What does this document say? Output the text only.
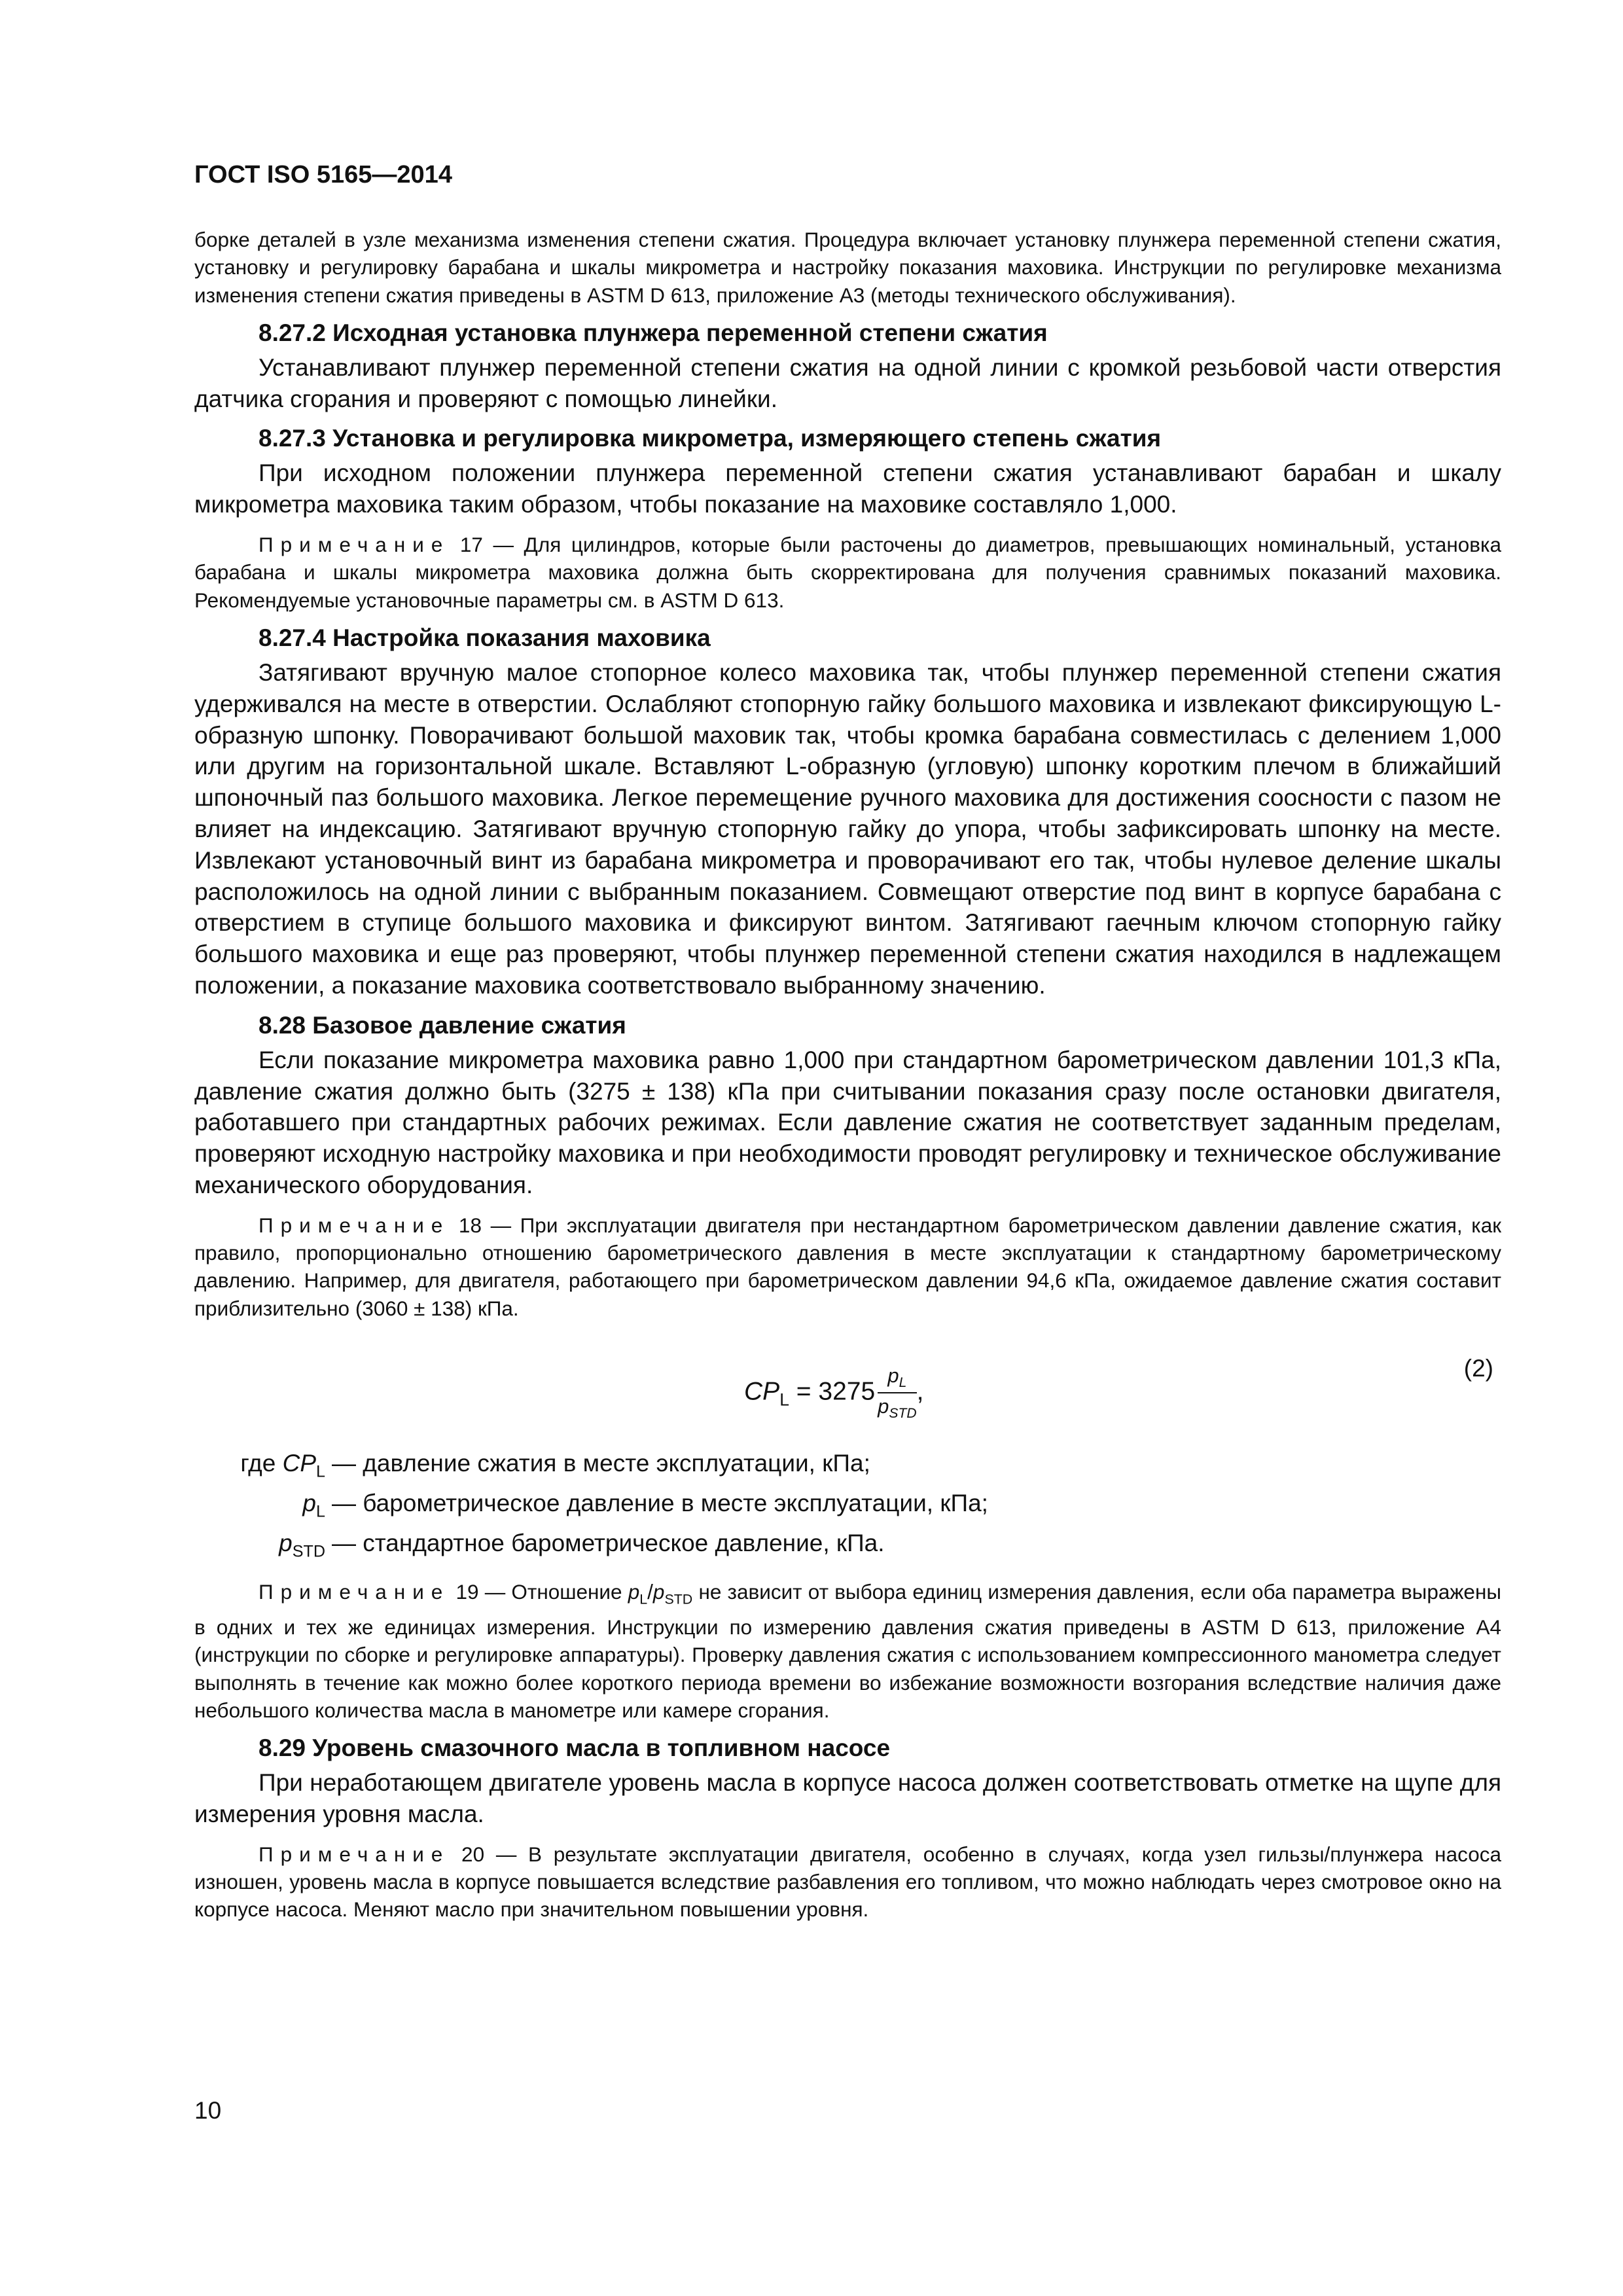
ГОСТ ISO 5165—2014

борке деталей в узле механизма изменения степени сжатия. Процедура включает установку плунжера переменной степени сжатия, установку и регулировку барабана и шкалы микрометра и настройку показания маховика. Инструкции по регулировке механизма изменения степени сжатия приведены в ASTM D 613, приложение А3 (методы технического обслуживания).

8.27.2 Исходная установка плунжера переменной степени сжатия

Устанавливают плунжер переменной степени сжатия на одной линии с кромкой резьбовой части отверстия датчика сгорания и проверяют с помощью линейки.

8.27.3 Установка и регулировка микрометра, измеряющего степень сжатия

При исходном положении плунжера переменной степени сжатия устанавливают барабан и шкалу микрометра маховика таким образом, чтобы показание на маховике составляло 1,000.

Примечание 17 — Для цилиндров, которые были расточены до диаметров, превышающих номинальный, установка барабана и шкалы микрометра маховика должна быть скорректирована для получения сравнимых показаний маховика. Рекомендуемые установочные параметры см. в ASTM D 613.

8.27.4 Настройка показания маховика

Затягивают вручную малое стопорное колесо маховика так, чтобы плунжер переменной степени сжатия удерживался на месте в отверстии. Ослабляют стопорную гайку большого маховика и извлекают фиксирующую L-образную шпонку. Поворачивают большой маховик так, чтобы кромка барабана совместилась с делением 1,000 или другим на горизонтальной шкале. Вставляют L-образную (угловую) шпонку коротким плечом в ближайший шпоночный паз большого маховика. Легкое перемещение ручного маховика для достижения соосности с пазом не влияет на индексацию. Затягивают вручную стопорную гайку до упора, чтобы зафиксировать шпонку на месте. Извлекают установочный винт из барабана микрометра и проворачивают его так, чтобы нулевое деление шкалы расположилось на одной линии с выбранным показанием. Совмещают отверстие под винт в корпусе барабана с отверстием в ступице большого маховика и фиксируют винтом. Затягивают гаечным ключом стопорную гайку большого маховика и еще раз проверяют, чтобы плунжер переменной степени сжатия находился в надлежащем положении, а показание маховика соответствовало выбранному значению.

8.28 Базовое давление сжатия

Если показание микрометра маховика равно 1,000 при стандартном барометрическом давлении 101,3 кПа, давление сжатия должно быть (3275 ± 138) кПа при считывании показания сразу после остановки двигателя, работавшего при стандартных рабочих режимах. Если давление сжатия не соответствует заданным пределам, проверяют исходную настройку маховика и при необходимости проводят регулировку и техническое обслуживание механического оборудования.

Примечание 18 — При эксплуатации двигателя при нестандартном барометрическом давлении давление сжатия, как правило, пропорционально отношению барометрического давления в месте эксплуатации к стандартному барометрическому давлению. Например, для двигателя, работающего при барометрическом давлении 94,6 кПа, ожидаемое давление сжатия составит приблизительно (3060 ± 138) кПа.

$CP_L = 3275 \frac{p_L}{p_{STD}}$ ,
(2)
где $CP_L$ — давление сжатия в месте эксплуатации, кПа;
$p_L$ — барометрическое давление в месте эксплуатации, кПа;
$p_{STD}$ — стандартное барометрическое давление, кПа.

Примечание 19 — Отношение $p_L/p_{STD}$ не зависит от выбора единиц измерения давления, если оба параметра выражены в одних и тех же единицах измерения. Инструкции по измерению давления сжатия приведены в ASTM D 613, приложение А4 (инструкции по сборке и регулировке аппаратуры). Проверку давления сжатия с использованием компрессионного манометра следует выполнять в течение как можно более короткого периода времени во избежание возможности возгорания вследствие наличия даже небольшого количества масла в манометре или камере сгорания.

8.29 Уровень смазочного масла в топливном насосе

При неработающем двигателе уровень масла в корпусе насоса должен соответствовать отметке на щупе для измерения уровня масла.

Примечание 20 — В результате эксплуатации двигателя, особенно в случаях, когда узел гильзы/плунжера насоса изношен, уровень масла в корпусе повышается вследствие разбавления его топливом, что можно наблюдать через смотровое окно на корпусе насоса. Меняют масло при значительном повышении уровня.

10
